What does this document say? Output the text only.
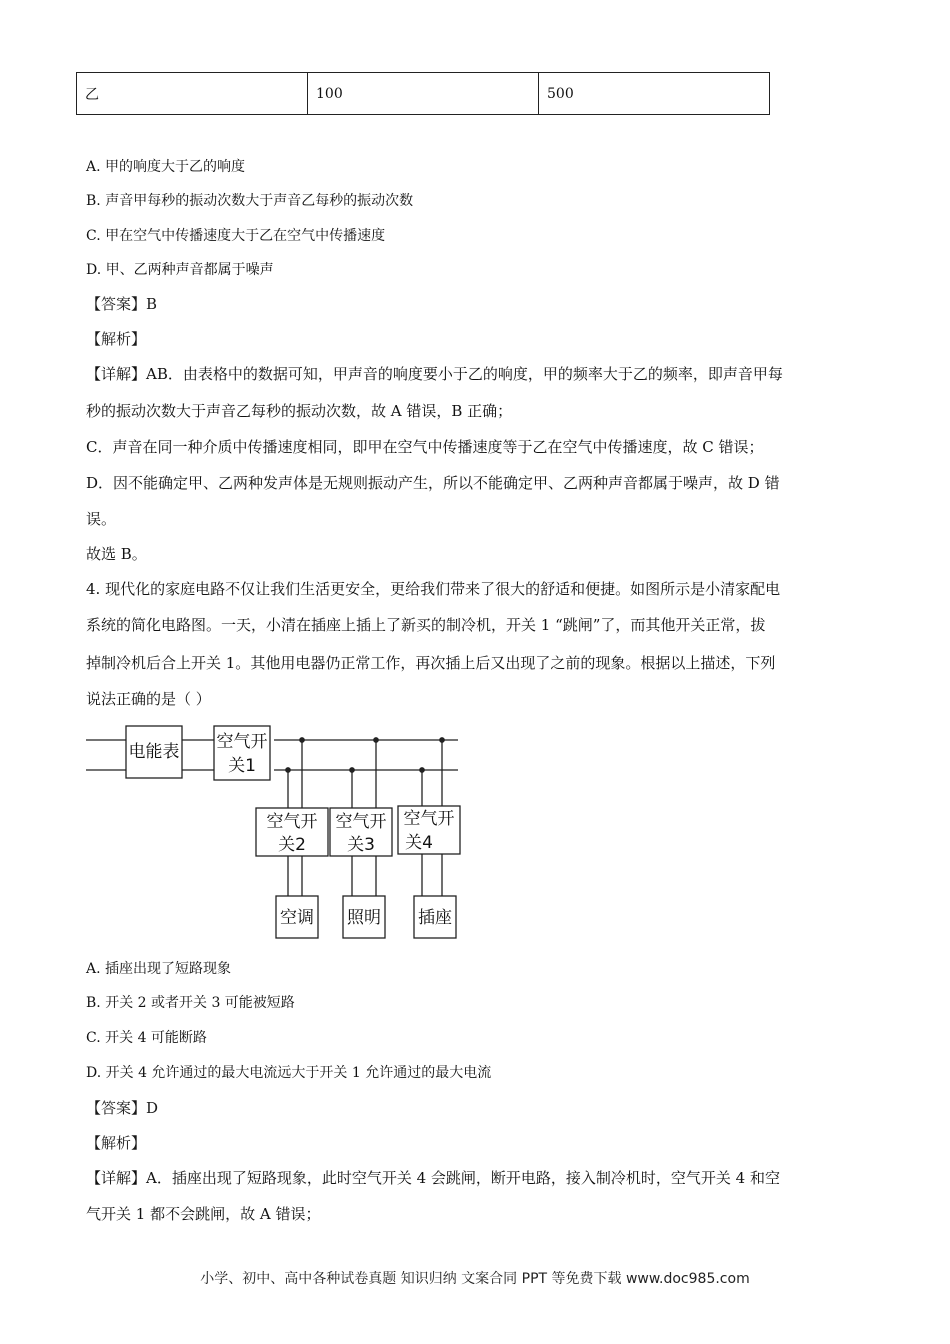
乙	100	500
A. 甲的响度大于乙的响度
B. 声音甲每秒的振动次数大于声音乙每秒的振动次数
C. 甲在空气中传播速度大于乙在空气中传播速度
D. 甲、乙两种声音都属于噪声
【答案】B
【解析】
【详解】AB．由表格中的数据可知，甲声音的响度要小于乙的响度，甲的频率大于乙的频率，即声音甲每
秒的振动次数大于声音乙每秒的振动次数，故 A 错误，B 正确；
C．声音在同一种介质中传播速度相同，即甲在空气中传播速度等于乙在空气中传播速度，故 C 错误；
D．因不能确定甲、乙两种发声体是无规则振动产生，所以不能确定甲、乙两种声音都属于噪声，故 D 错
误。
故选 B。
4. 现代化的家庭电路不仅让我们生活更安全，更给我们带来了很大的舒适和便捷。如图所示是小清家配电
系统的简化电路图。一天，小清在插座上插上了新买的制冷机，开关 1 “跳闸”了，而其他开关正常，拔
掉制冷机后合上开关 1。其他用电器仍正常工作，再次插上后又出现了之前的现象。根据以上描述，下列
说法正确的是（ ）
电能表 空气开
关1
空气开
关2
空气开
关3
空气开
关4
空调 照明 插座
A. 插座出现了短路现象
B. 开关 2 或者开关 3 可能被短路
C. 开关 4 可能断路
D. 开关 4 允许通过的最大电流远大于开关 1 允许通过的最大电流
【答案】D
【解析】
【详解】A．插座出现了短路现象，此时空气开关 4 会跳闸，断开电路，接入制冷机时，空气开关 4 和空
气开关 1 都不会跳闸，故 A 错误；
小学、初中、高中各种试卷真题 知识归纳 文案合同 PPT 等免费下载 www.doc985.com
